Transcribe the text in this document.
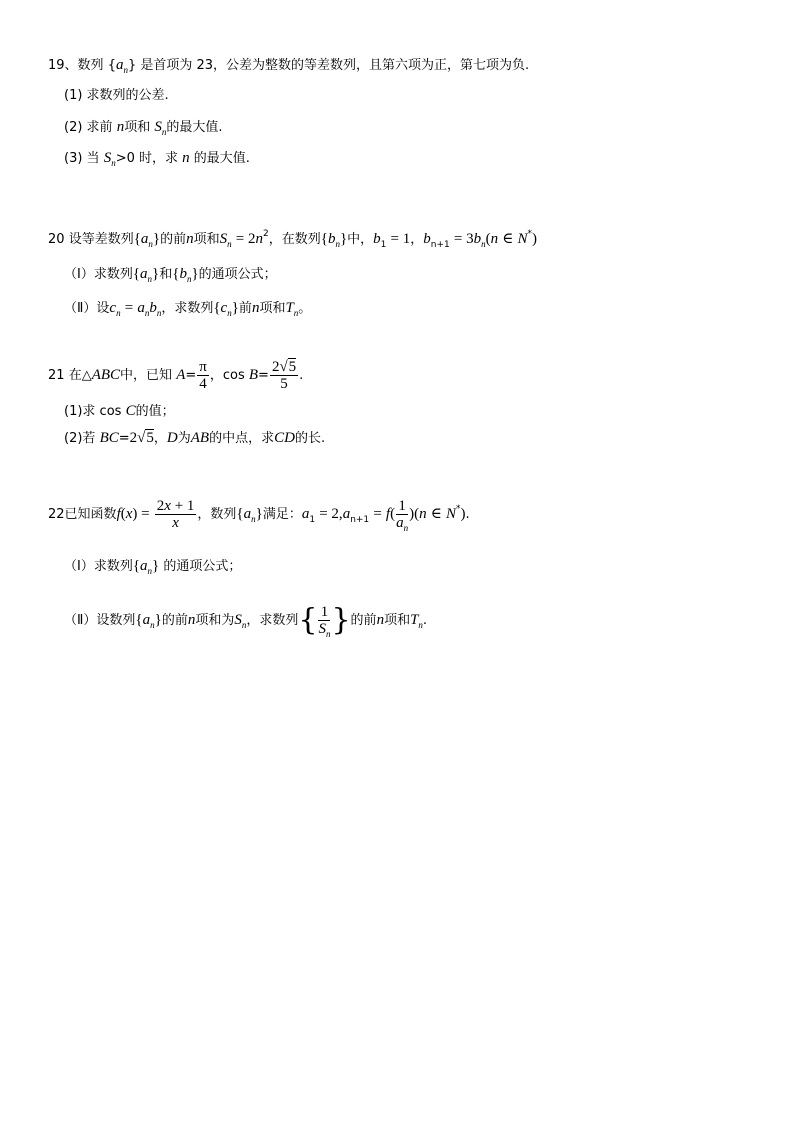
19、数列 $\{a_n\}$ 是首项为 23，公差为整数的等差数列，且第六项为正，第七项为负.
(1) 求数列的公差.
(2) 求前 n项和 $S_n$的最大值.
(3) 当 $S_n>0$ 时，求 n 的最大值.
20 设等差数列$\{a_n\}$的前n项和$S_n = 2n^2$，在数列$\{b_n\}$中，$b_1 = 1$，$b_{n+1} = 3b_n(n$ ∈ N*)
（Ⅰ）求数列$\{a_n\}$和$\{b_n\}$的通项公式；
（Ⅱ）设$c_n = a_nb_n$，求数列$\{c_n\}$前n项和$T_n$。
21 在△ABC中，已知 $A= \frac{\pi}{4}$ ，$\cos B= \frac{2√5}{5}$ .
(1)求 cos C的值；
(2)若 BC=2√5，D为AB的中点，求CD的长.
22已知函数$f(x) = \frac{2x + 1}{x}$ ，数列$\{a_n\}$满足：$a_1 = 2,a_{n+1} = f( \frac{1}{a_n} )(n$ ∈ N*).
（Ⅰ）求数列$\{a_n\}$ 的通项公式；
（Ⅱ）设数列$\{a_n\}$的前n项和为$S_n$，求数列{ $\frac{1}{S_n}$ }的前n项和$T_n$.
